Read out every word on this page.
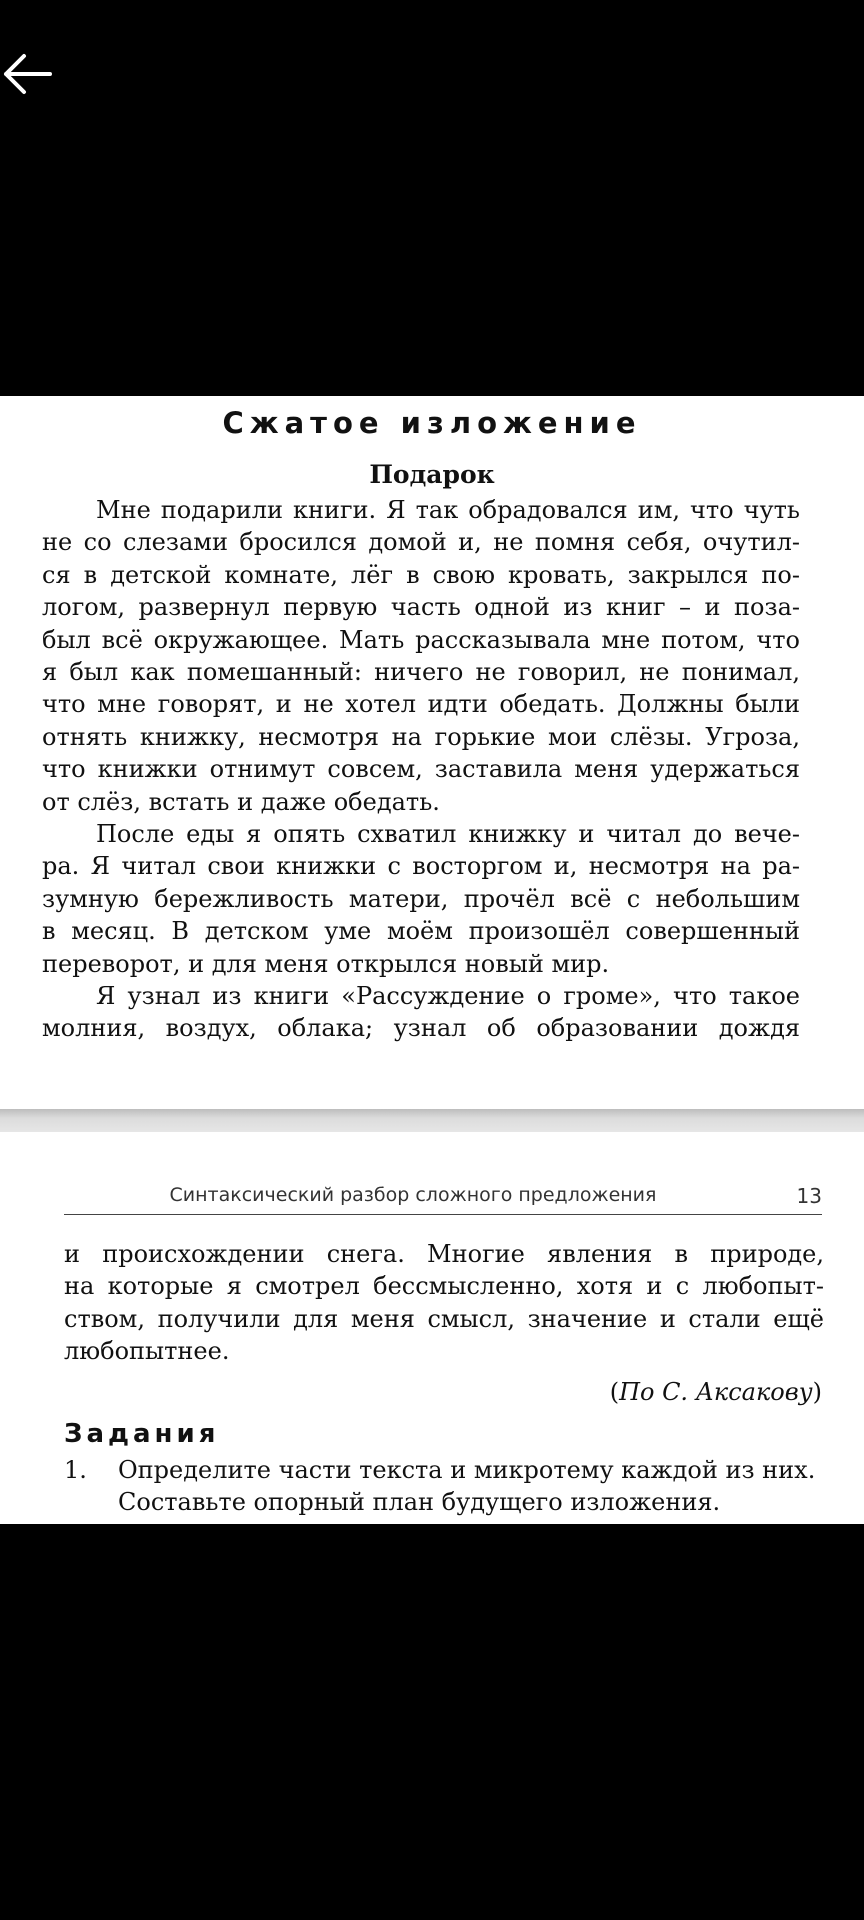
Сжатое изложение
Подарок
Мне подарили книги. Я так обрадовался им, что чуть
не со слезами бросился домой и, не помня себя, очутил-
ся в детской комнате, лёг в свою кровать, закрылся по-
логом, развернул первую часть одной из книг – и поза-
был всё окружающее. Мать рассказывала мне потом, что
я был как помешанный: ничего не говорил, не понимал,
что мне говорят, и не хотел идти обедать. Должны были
отнять книжку, несмотря на горькие мои слёзы. Угроза,
что книжки отнимут совсем, заставила меня удержаться
от слёз, встать и даже обедать.
После еды я опять схватил книжку и читал до вече-
ра. Я читал свои книжки с восторгом и, несмотря на ра-
зумную бережливость матери, прочёл всё с небольшим
в месяц. В детском уме моём произошёл совершенный
переворот, и для меня открылся новый мир.
Я узнал из книги «Рассуждение о громе», что такое
молния, воздух, облака; узнал об образовании дождя
Синтаксический разбор сложного предложения	13
и происхождении снега. Многие явления в природе,
на которые я смотрел бессмысленно, хотя и с любопыт-
ством, получили для меня смысл, значение и стали ещё
любопытнее.
(По С. Аксакову)
Задания
1. Определите части текста и микротему каждой из них.
Составьте опорный план будущего изложения.
